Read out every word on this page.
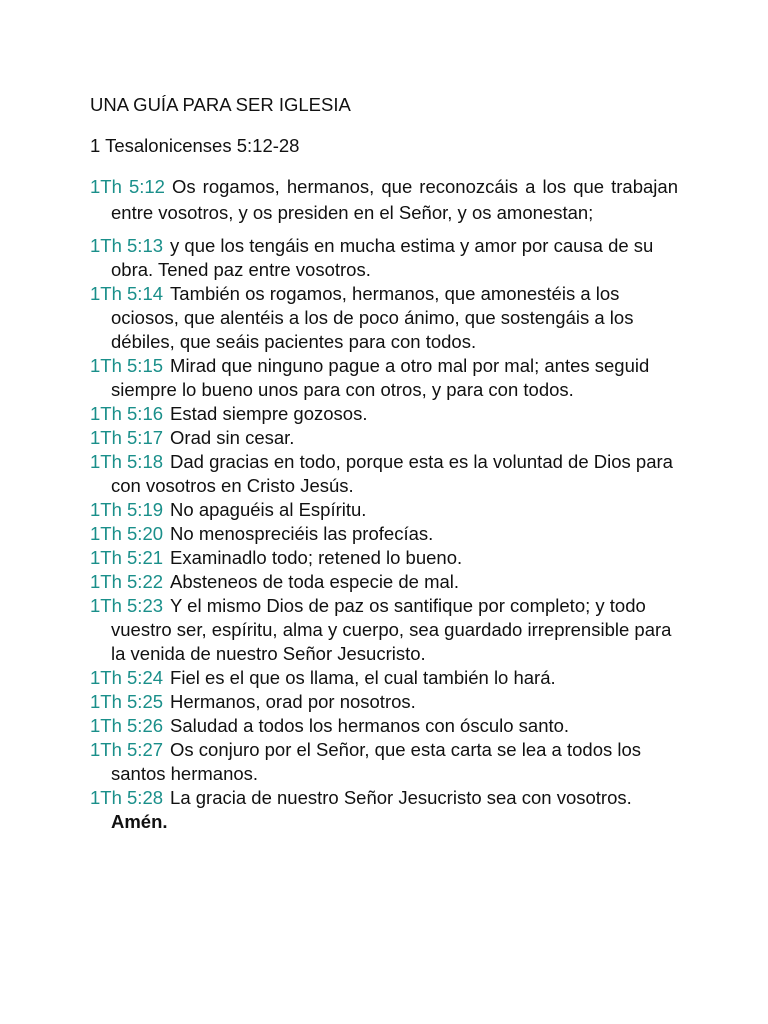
UNA GUÍA PARA SER IGLESIA
1 Tesalonicenses 5:12-28

1Th 5:12 Os rogamos, hermanos, que reconozcáis a los que trabajan entre vosotros, y os presiden en el Señor, y os amonestan;

1Th 5:13 y que los tengáis en mucha estima y amor por causa de su obra. Tened paz entre vosotros.

1Th 5:14 También os rogamos, hermanos, que amonestéis a los ociosos, que alentéis a los de poco ánimo, que sostengáis a los débiles, que seáis pacientes para con todos.

1Th 5:15 Mirad que ninguno pague a otro mal por mal; antes seguid siempre lo bueno unos para con otros, y para con todos.

1Th 5:16 Estad siempre gozosos.

1Th 5:17 Orad sin cesar.

1Th 5:18 Dad gracias en todo, porque esta es la voluntad de Dios para con vosotros en Cristo Jesús.

1Th 5:19 No apaguéis al Espíritu.

1Th 5:20 No menospreciéis las profecías.

1Th 5:21 Examinadlo todo; retened lo bueno.

1Th 5:22 Absteneos de toda especie de mal.

1Th 5:23 Y el mismo Dios de paz os santifique por completo; y todo vuestro ser, espíritu, alma y cuerpo, sea guardado irreprensible para la venida de nuestro Señor Jesucristo.

1Th 5:24 Fiel es el que os llama, el cual también lo hará.

1Th 5:25 Hermanos, orad por nosotros.

1Th 5:26 Saludad a todos los hermanos con ósculo santo.

1Th 5:27 Os conjuro por el Señor, que esta carta se lea a todos los santos hermanos.

1Th 5:28 La gracia de nuestro Señor Jesucristo sea con vosotros.  Amén.
